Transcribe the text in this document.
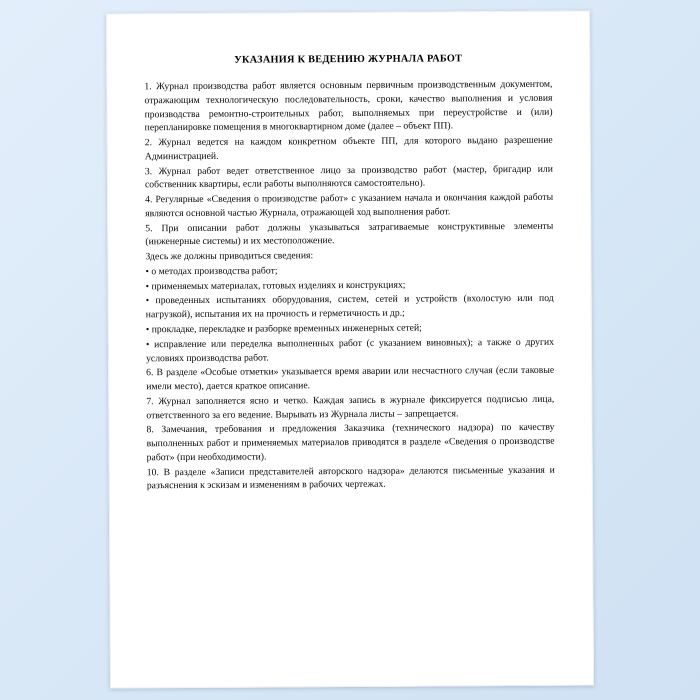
УКАЗАНИЯ К ВЕДЕНИЮ ЖУРНАЛА РАБОТ

1. Журнал производства работ является основным первичным производственным документом, отражающим технологическую последовательность, сроки, качество выполнения и условия производства ремонтно-строительных работ, выполняемых при переустройстве и (или) перепланировке помещения в многоквартирном доме (далее – объект ПП).

2. Журнал ведется на каждом конкретном объекте ПП, для которого выдано разрешение Администрацией.

3. Журнал работ ведет ответственное лицо за производство работ (мастер, бригадир или собственник квартиры, если работы выполняются самостоятельно).

4. Регулярные «Сведения о производстве работ» с указанием начала и окончания каждой работы являются основной частью Журнала, отражающей ход выполнения работ.

5. При описании работ должны указываться затрагиваемые конструктивные элементы (инженерные системы) и их местоположение.

Здесь же должны приводиться сведения:

• о методах производства работ;

• применяемых материалах, готовых изделиях и конструкциях;

• проведенных испытаниях оборудования, систем, сетей и устройств (вхолостую или под нагрузкой), испытания их на прочность и герметичность и др.;

• прокладке, перекладке и разборке временных инженерных сетей;

• исправление или переделка выполненных работ (с указанием виновных); а также о других условиях производства работ.

6. В разделе «Особые отметки» указывается время аварии или несчастного случая (если таковые имели место), дается краткое описание.

7. Журнал заполняется ясно и четко. Каждая запись в журнале фиксируется подписью лица, ответственного за его ведение. Вырывать из Журнала листы – запрещается.

8. Замечания, требования и предложения Заказчика (технического надзора) по качеству выполненных работ и применяемых материалов приводятся в разделе «Сведения о производстве работ» (при необходимости).

10. В разделе «Записи представителей авторского надзора» делаются письменные указания и разъяснения к эскизам и изменениям в рабочих чертежах.
